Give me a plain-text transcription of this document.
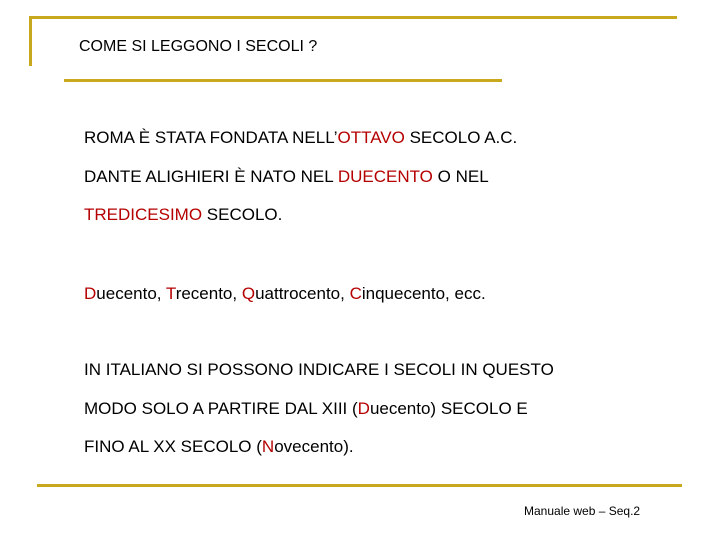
COME SI LEGGONO I SECOLI ?
ROMA È STATA FONDATA NELL’OTTAVO SECOLO A.C.
DANTE ALIGHIERI È NATO NEL DUECENTO O NEL
TREDICESIMO SECOLO.
Duecento, Trecento, Quattrocento, Cinquecento, ecc.
IN ITALIANO SI POSSONO INDICARE I SECOLI IN QUESTO
MODO SOLO A PARTIRE DAL XIII (Duecento) SECOLO E
FINO AL XX SECOLO (Novecento).
Manuale web – Seq.2
